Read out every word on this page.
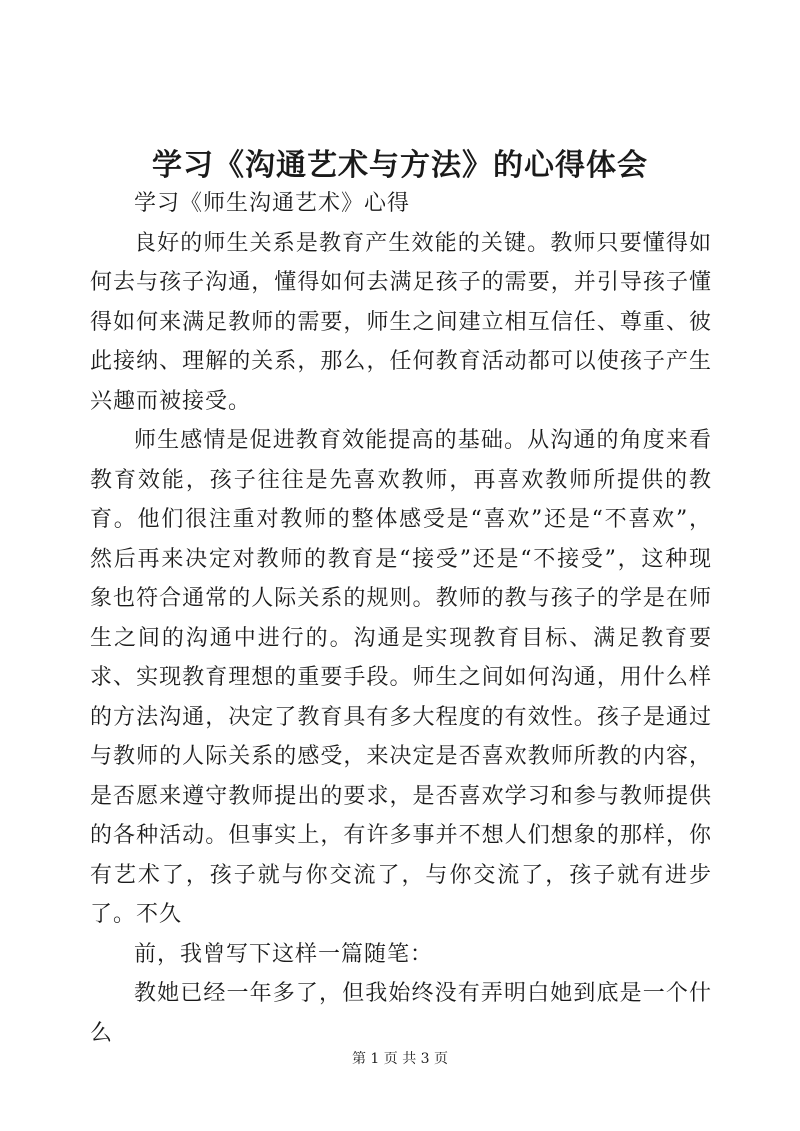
学习《沟通艺术与方法》的心得体会

学习《师生沟通艺术》心得

良好的师生关系是教育产生效能的关键。教师只要懂得如何去与孩子沟通，懂得如何去满足孩子的需要，并引导孩子懂得如何来满足教师的需要，师生之间建立相互信任、尊重、彼此接纳、理解的关系，那么，任何教育活动都可以使孩子产生兴趣而被接受。

师生感情是促进教育效能提高的基础。从沟通的角度来看教育效能，孩子往往是先喜欢教师，再喜欢教师所提供的教育。他们很注重对教师的整体感受是“喜欢”还是“不喜欢”，然后再来决定对教师的教育是“接受”还是“不接受”，这种现象也符合通常的人际关系的规则。教师的教与孩子的学是在师生之间的沟通中进行的。沟通是实现教育目标、满足教育要求、实现教育理想的重要手段。师生之间如何沟通，用什么样的方法沟通，决定了教育具有多大程度的有效性。孩子是通过与教师的人际关系的感受，来决定是否喜欢教师所教的内容，是否愿来遵守教师提出的要求，是否喜欢学习和参与教师提供的各种活动。但事实上，有许多事并不想人们想象的那样，你有艺术了，孩子就与你交流了，与你交流了，孩子就有进步了。不久

前，我曾写下这样一篇随笔：

教她已经一年多了，但我始终没有弄明白她到底是一个什么

第 1 页 共 3 页
